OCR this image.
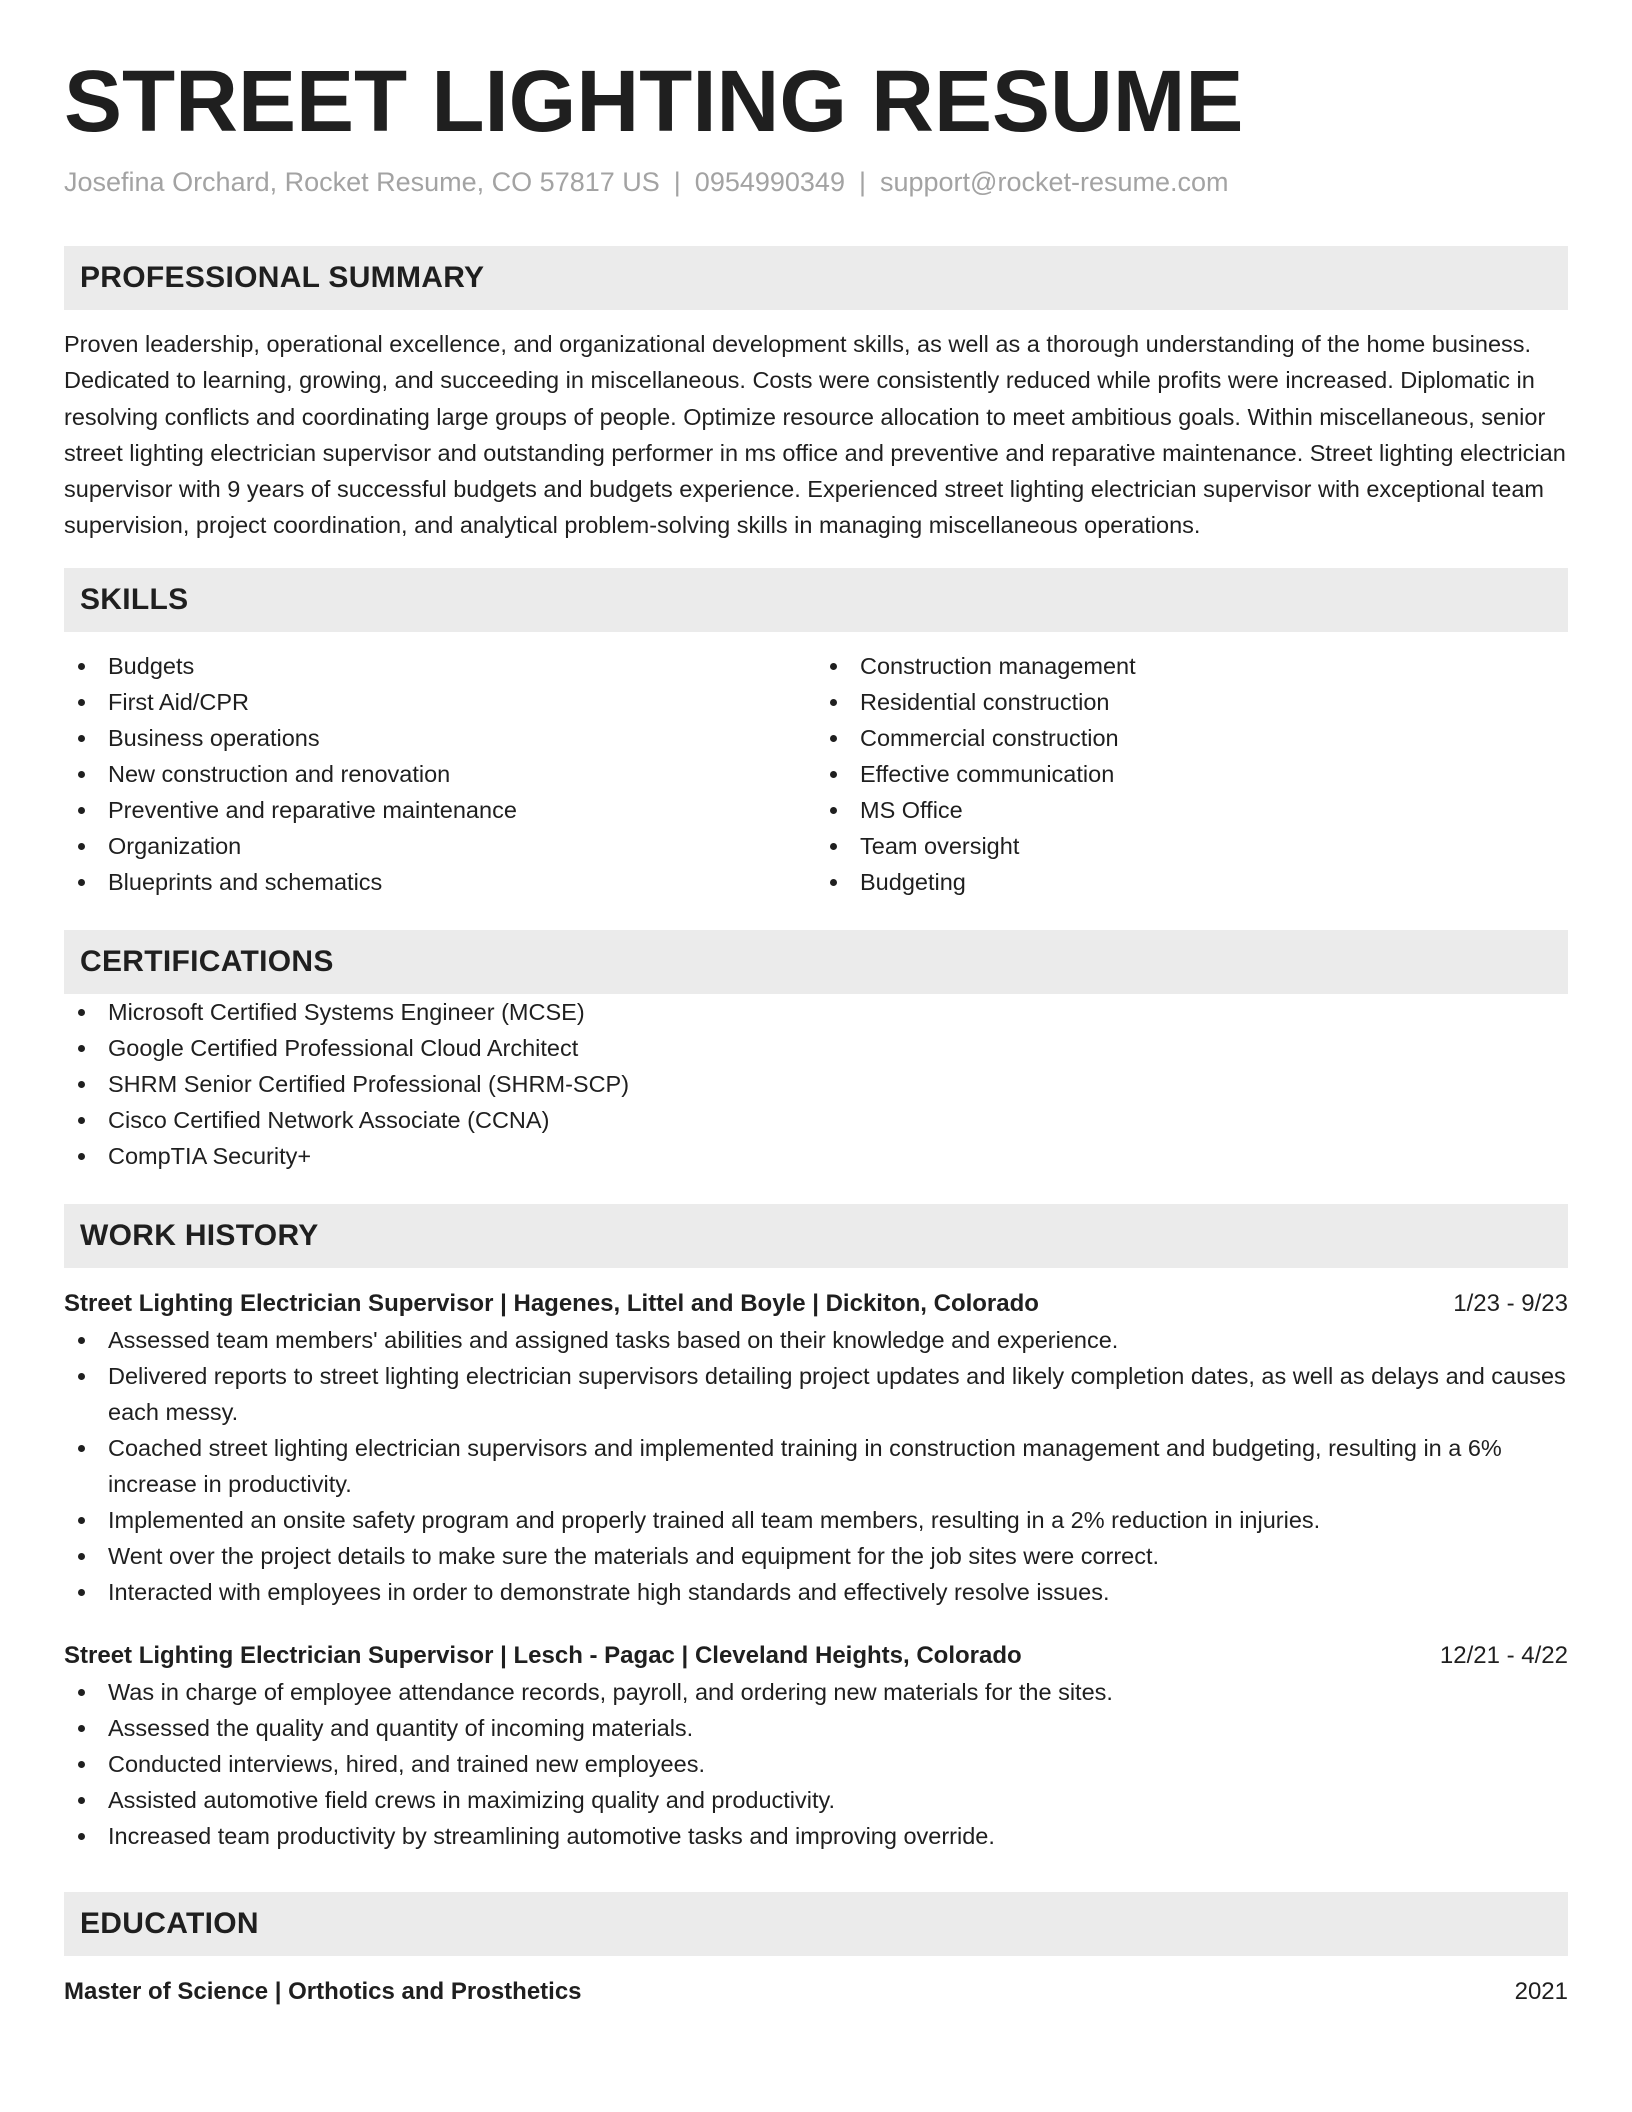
STREET LIGHTING RESUME
Josefina Orchard, Rocket Resume, CO 57817 US | 0954990349 | support@rocket-resume.com
PROFESSIONAL SUMMARY

Proven leadership, operational excellence, and organizational development skills, as well as a thorough understanding of the home business. Dedicated to learning, growing, and succeeding in miscellaneous. Costs were consistently reduced while profits were increased. Diplomatic in resolving conflicts and coordinating large groups of people. Optimize resource allocation to meet ambitious goals. Within miscellaneous, senior street lighting electrician supervisor and outstanding performer in ms office and preventive and reparative maintenance. Street lighting electrician supervisor with 9 years of successful budgets and budgets experience. Experienced street lighting electrician supervisor with exceptional team supervision, project coordination, and analytical problem-solving skills in managing miscellaneous operations.

SKILLS
Budgets
First Aid/CPR
Business operations
New construction and renovation
Preventive and reparative maintenance
Organization
Blueprints and schematics
Construction management
Residential construction
Commercial construction
Effective communication
MS Office
Team oversight
Budgeting
CERTIFICATIONS
Microsoft Certified Systems Engineer (MCSE)
Google Certified Professional Cloud Architect
SHRM Senior Certified Professional (SHRM-SCP)
Cisco Certified Network Associate (CCNA)
CompTIA Security+
WORK HISTORY
Street Lighting Electrician Supervisor | Hagenes, Littel and Boyle | Dickiton, Colorado	1/23 - 9/23
Assessed team members' abilities and assigned tasks based on their knowledge and experience.
Delivered reports to street lighting electrician supervisors detailing project updates and likely completion dates, as well as delays and causes each messy.
Coached street lighting electrician supervisors and implemented training in construction management and budgeting, resulting in a 6% increase in productivity.
Implemented an onsite safety program and properly trained all team members, resulting in a 2% reduction in injuries.
Went over the project details to make sure the materials and equipment for the job sites were correct.
Interacted with employees in order to demonstrate high standards and effectively resolve issues.
Street Lighting Electrician Supervisor | Lesch - Pagac | Cleveland Heights, Colorado	12/21 - 4/22
Was in charge of employee attendance records, payroll, and ordering new materials for the sites.
Assessed the quality and quantity of incoming materials.
Conducted interviews, hired, and trained new employees.
Assisted automotive field crews in maximizing quality and productivity.
Increased team productivity by streamlining automotive tasks and improving override.
EDUCATION
Master of Science | Orthotics and Prosthetics	2021
